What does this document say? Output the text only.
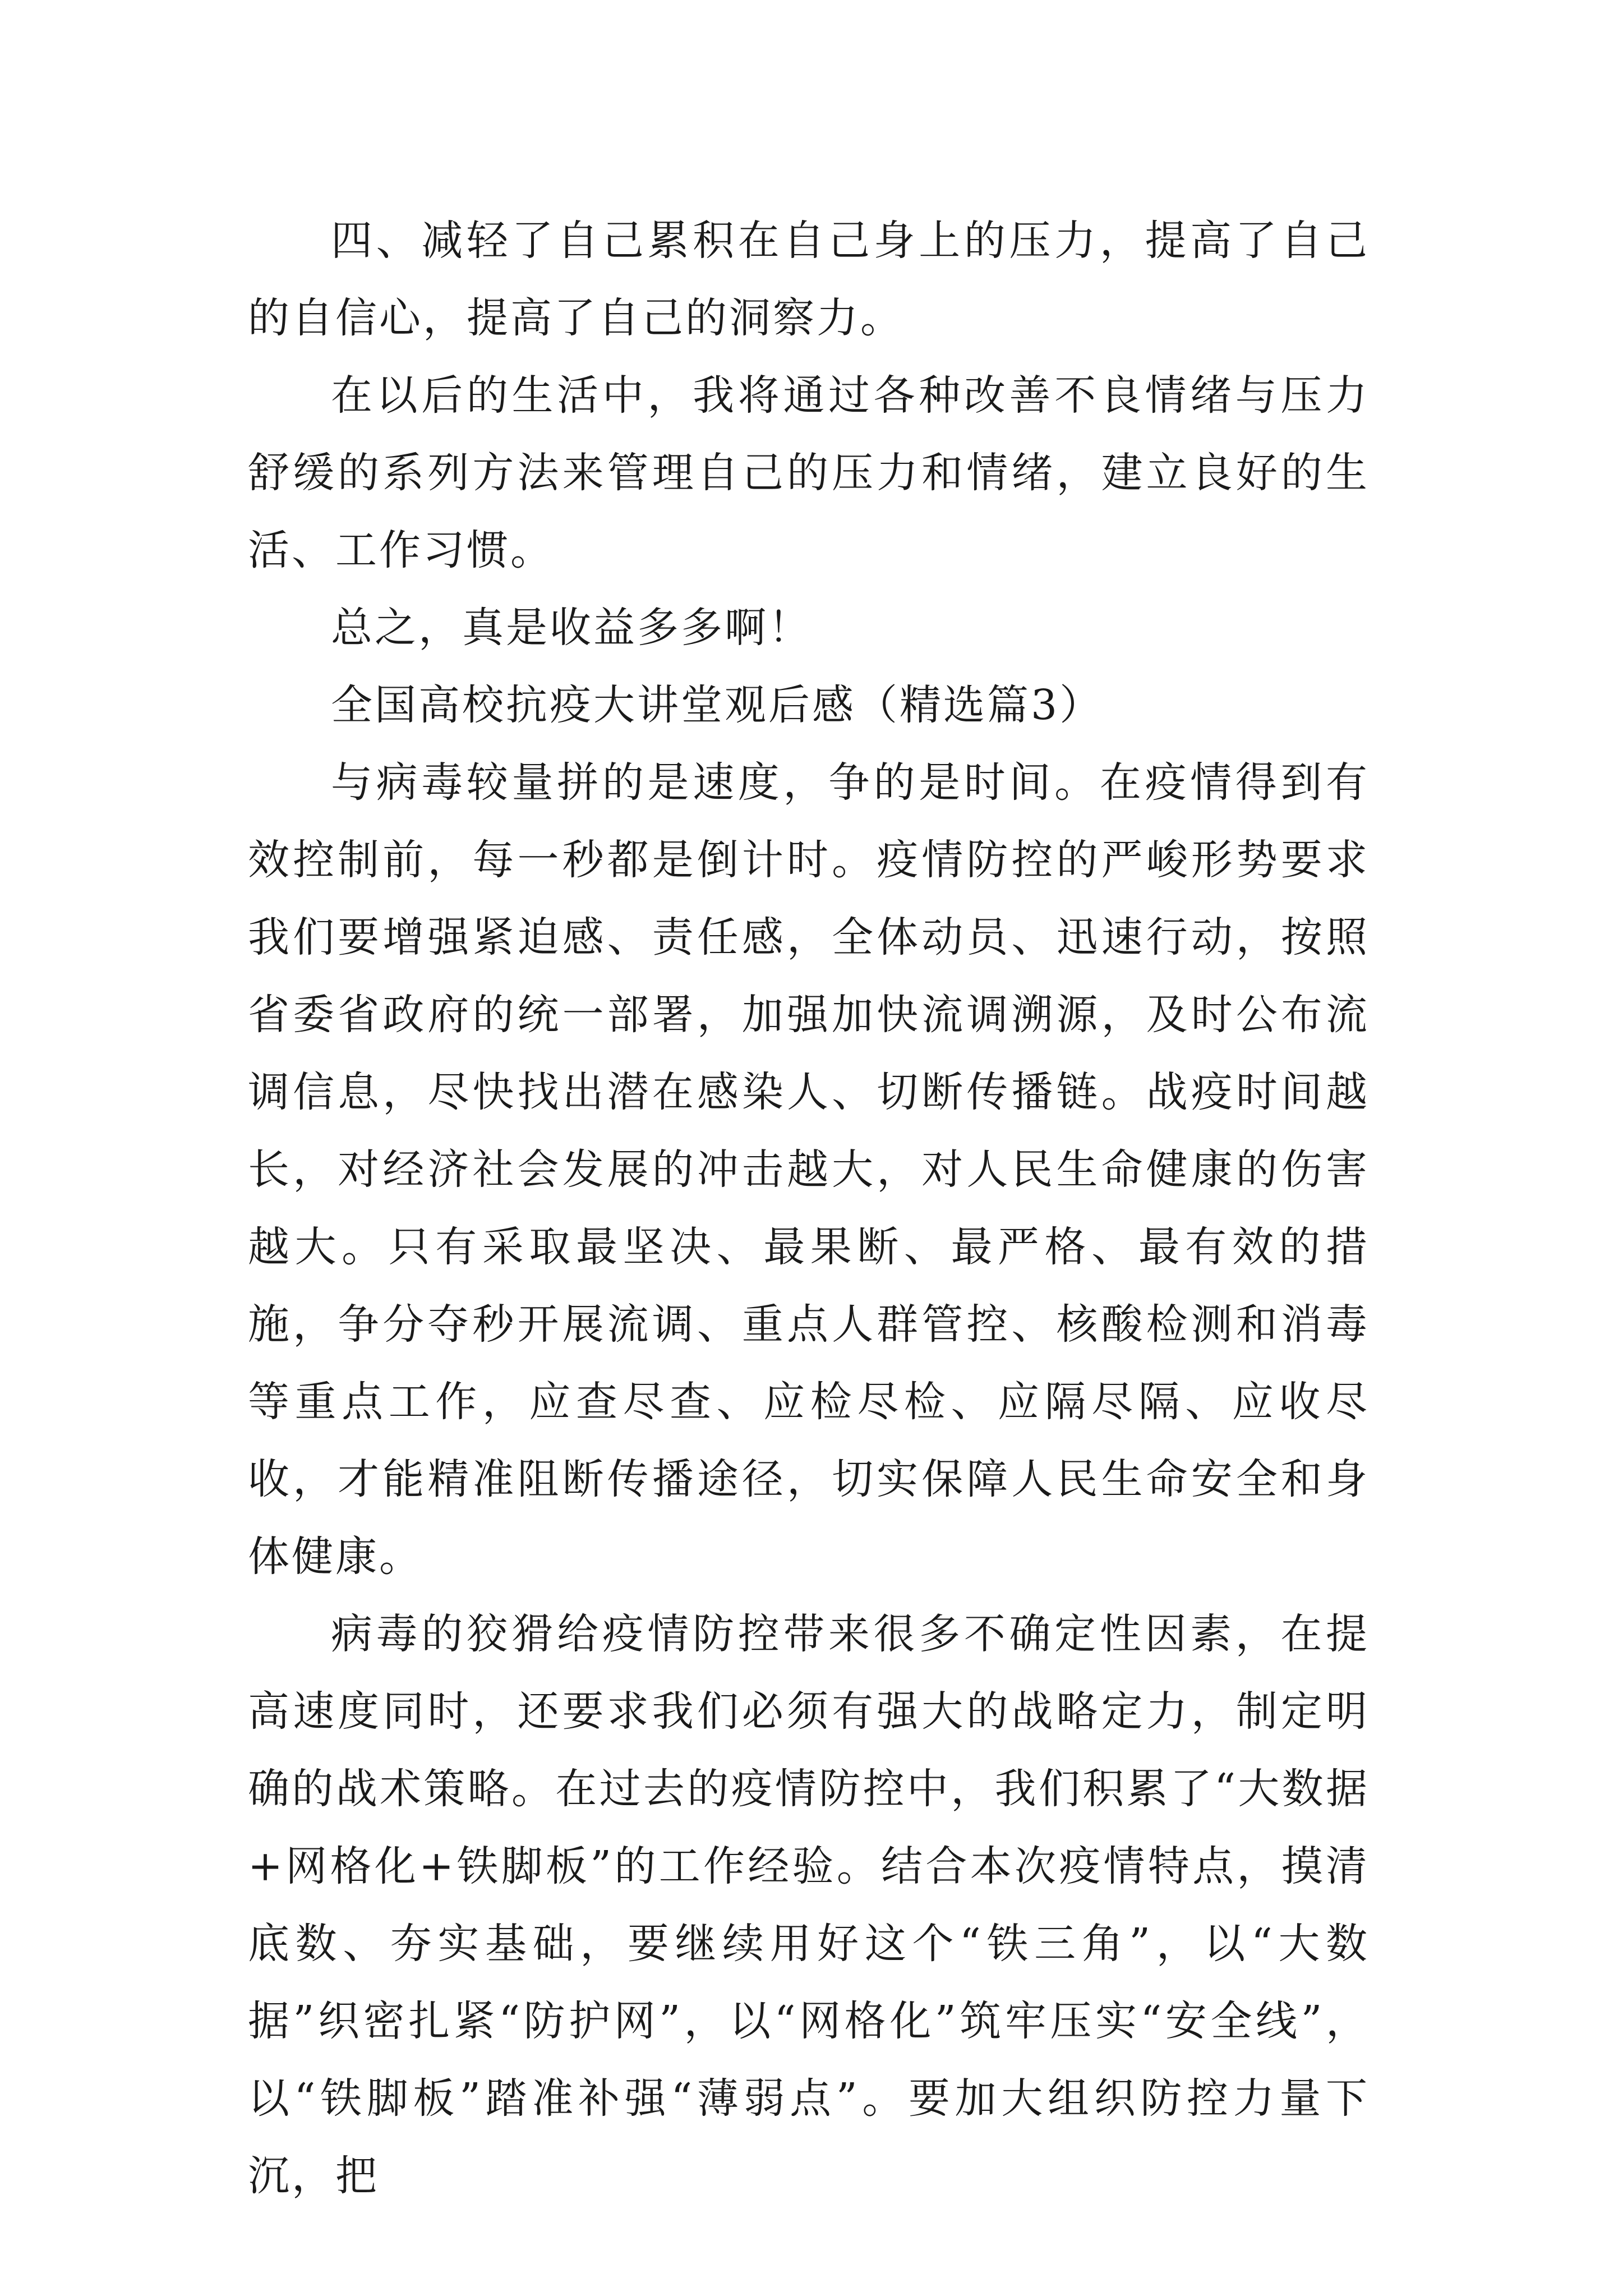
四、减轻了自己累积在自己身上的压力，提高了自己的自信心，提高了自己的洞察力。

在以后的生活中，我将通过各种改善不良情绪与压力舒缓的系列方法来管理自己的压力和情绪，建立良好的生活、工作习惯。

总之，真是收益多多啊！

全国高校抗疫大讲堂观后感（精选篇3）

与病毒较量拼的是速度，争的是时间。在疫情得到有效控制前，每一秒都是倒计时。疫情防控的严峻形势要求我们要增强紧迫感、责任感，全体动员、迅速行动，按照省委省政府的统一部署，加强加快流调溯源，及时公布流调信息，尽快找出潜在感染人、切断传播链。战疫时间越长，对经济社会发展的冲击越大，对人民生命健康的伤害越大。只有采取最坚决、最果断、最严格、最有效的措施，争分夺秒开展流调、重点人群管控、核酸检测和消毒等重点工作，应查尽查、应检尽检、应隔尽隔、应收尽收，才能精准阻断传播途径，切实保障人民生命安全和身体健康。

病毒的狡猾给疫情防控带来很多不确定性因素，在提高速度同时，还要求我们必须有强大的战略定力，制定明确的战术策略。在过去的疫情防控中，我们积累了“大数据+网格化+铁脚板”的工作经验。结合本次疫情特点，摸清底数、夯实基础，要继续用好这个“铁三角”，以“大数据”织密扎紧“防护网”，以“网格化”筑牢压实“安全线”，以“铁脚板”踏准补强“薄弱点”。要加大组织防控力量下沉，把
